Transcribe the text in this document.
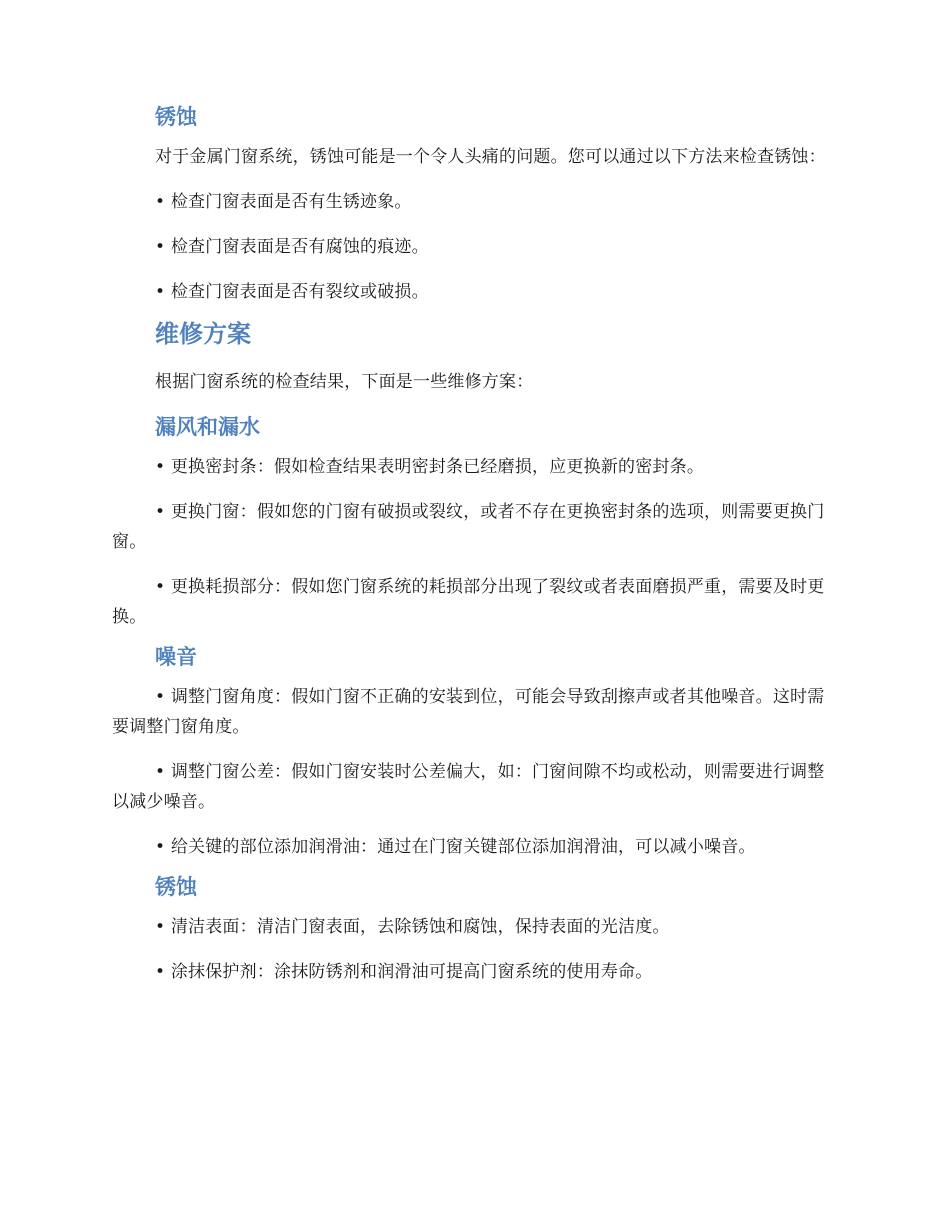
锈蚀

对于金属门窗系统，锈蚀可能是一个令人头痛的问题。您可以通过以下方法来检查锈蚀：

• 检查门窗表面是否有生锈迹象。

• 检查门窗表面是否有腐蚀的痕迹。

• 检查门窗表面是否有裂纹或破损。

维修方案

根据门窗系统的检查结果，下面是一些维修方案：

漏风和漏水

• 更换密封条：假如检查结果表明密封条已经磨损，应更换新的密封条。

• 更换门窗：假如您的门窗有破损或裂纹，或者不存在更换密封条的选项，则需要更换门窗。

• 更换耗损部分：假如您门窗系统的耗损部分出现了裂纹或者表面磨损严重，需要及时更换。

噪音

• 调整门窗角度：假如门窗不正确的安装到位，可能会导致刮擦声或者其他噪音。这时需要调整门窗角度。

• 调整门窗公差：假如门窗安装时公差偏大，如：门窗间隙不均或松动，则需要进行调整以减少噪音。

• 给关键的部位添加润滑油：通过在门窗关键部位添加润滑油，可以减小噪音。

锈蚀

• 清洁表面：清洁门窗表面，去除锈蚀和腐蚀，保持表面的光洁度。

• 涂抹保护剂：涂抹防锈剂和润滑油可提高门窗系统的使用寿命。
